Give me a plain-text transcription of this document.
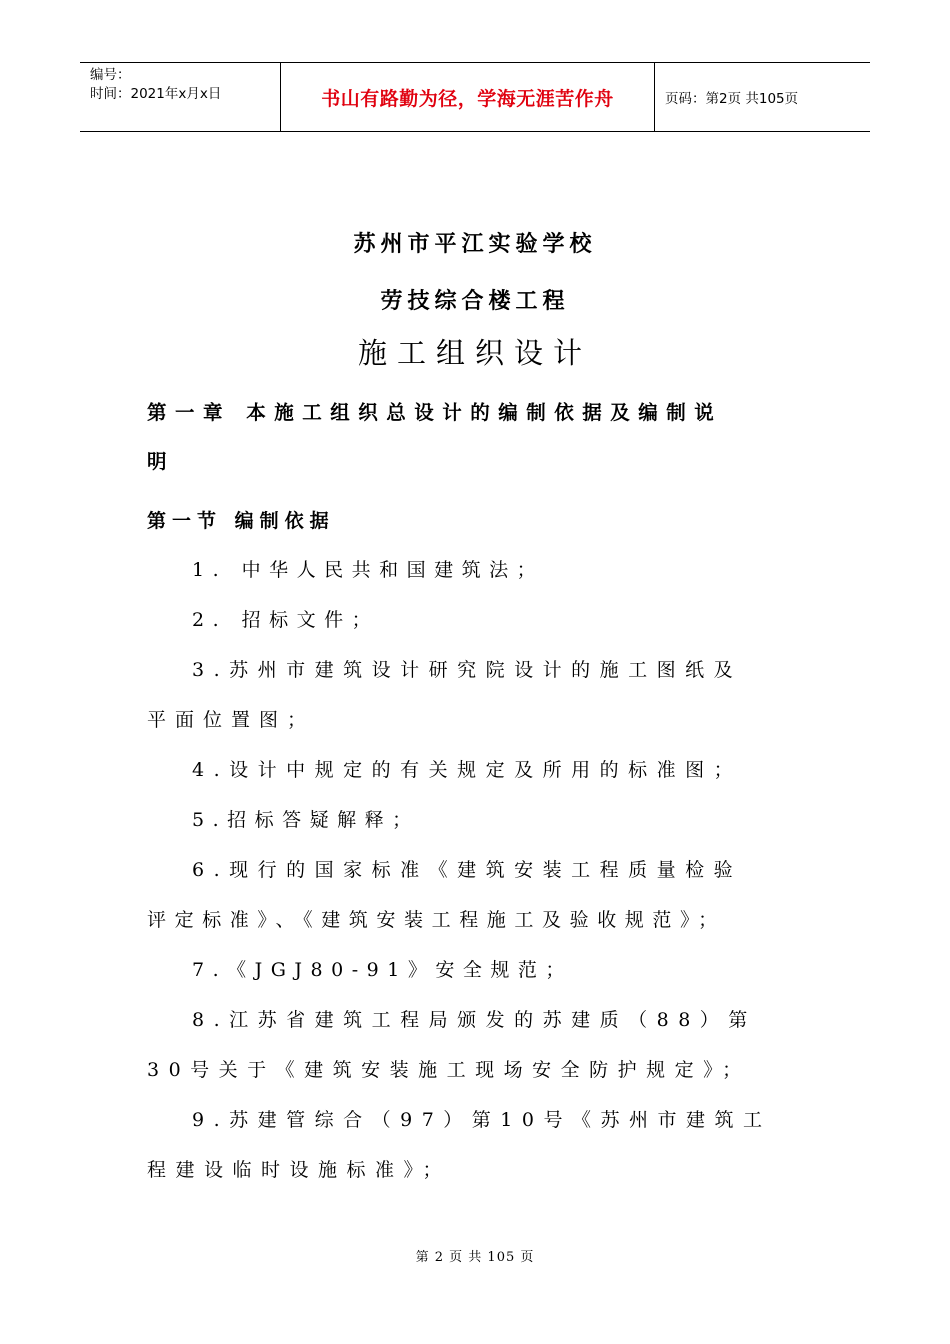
编号：
时间：2021年x月x日	书山有路勤为径，学海无涯苦作舟	页码：第2页 共105页
苏州市平江实验学校
劳技综合楼工程
施工组织设计
第一章 本施工组织总设计的编制依据及编制说
明
第一节 编制依据
1. 中华人民共和国建筑法；
2. 招标文件；
3.苏州市建筑设计研究院设计的施工图纸及
平面位置图；
4.设计中规定的有关规定及所用的标准图；
5.招标答疑解释；
6.现行的国家标准《建筑安装工程质量检验
评定标准》、《建筑安装工程施工及验收规范》；
7.《JGJ80-91》安全规范；
8.江苏省建筑工程局颁发的苏建质（88）第
30号关于《建筑安装施工现场安全防护规定》；
9.苏建管综合（97）第10号《苏州市建筑工
程建设临时设施标准》；
第 2 页 共 105 页
